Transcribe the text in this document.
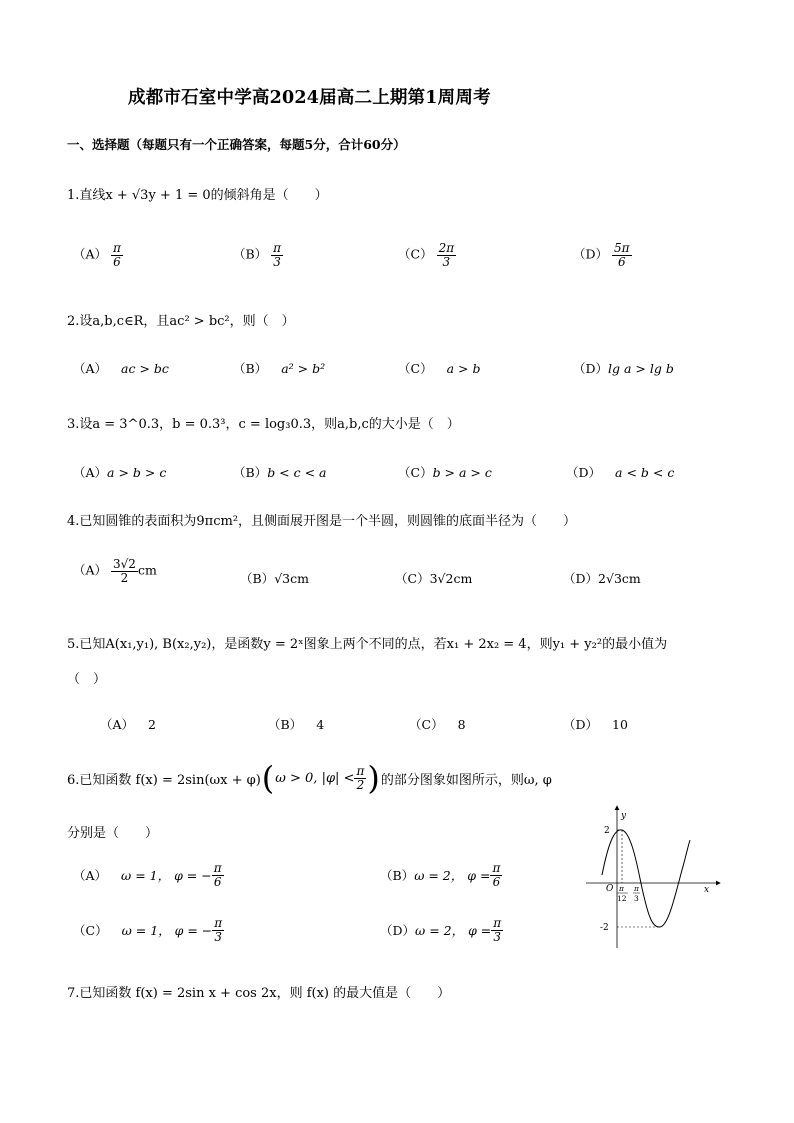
成都市石室中学高2024届高二上期第1周周考
一、选择题（每题只有一个正确答案，每题5分，合计60分）
1.直线x + √3y + 1 = 0的倾斜角是（　　）
$(A) \frac{\pi}{6}$	$(B) \frac{\pi}{3}$	$(C) \frac{2\pi}{3}$	$(D) \frac{5\pi}{6}$
2.设a,b,c∈R，且ac² > bc²，则（　）
（A） ac > bc	（B） a² > b²	（C） a > b	（D）lg a > lg b
3.设a = 3^0.3，b = 0.3³，c = log₃0.3，则a,b,c的大小是（　）
（A）a > b > c	（B）b < c < a	（C）b > a > c	（D） a < b < c
4.已知圆锥的表面积为9πcm²，且侧面展开图是一个半圆，则圆锥的底面半径为（　　）
$(A) \frac{3√2}{2}$ cm
（B）√3cm	（C）3√2cm	（D）2√3cm
5.已知A(x₁,y₁), B(x₂,y₂)，是函数y = 2ˣ图象上两个不同的点，若x₁ + 2x₂ = 4，则y₁ + y₂²的最小值为
（　）
（A） 2	（B） 4	（C） 8	（D） 10
6.已知函数 f(x) = 2sin(ωx + φ) ( ω > 0, $|\varphi| < \frac{\pi}{2}$ ) 的部分图象如图所示，则ω, φ
分别是（　　）
（A） ω = 1， φ = − $\frac{\pi}{6}$	（B） ω = 2， $\varphi = \frac{\pi}{6}$
（C） ω = 1， φ = − $\frac{\pi}{3}$	（D） ω = 2， $\varphi = \frac{\pi}{3}$
y
x
O
2
-2
π
12
π
3
7.已知函数 f(x) = 2sin x + cos 2x，则 f(x) 的最大值是（　　）
